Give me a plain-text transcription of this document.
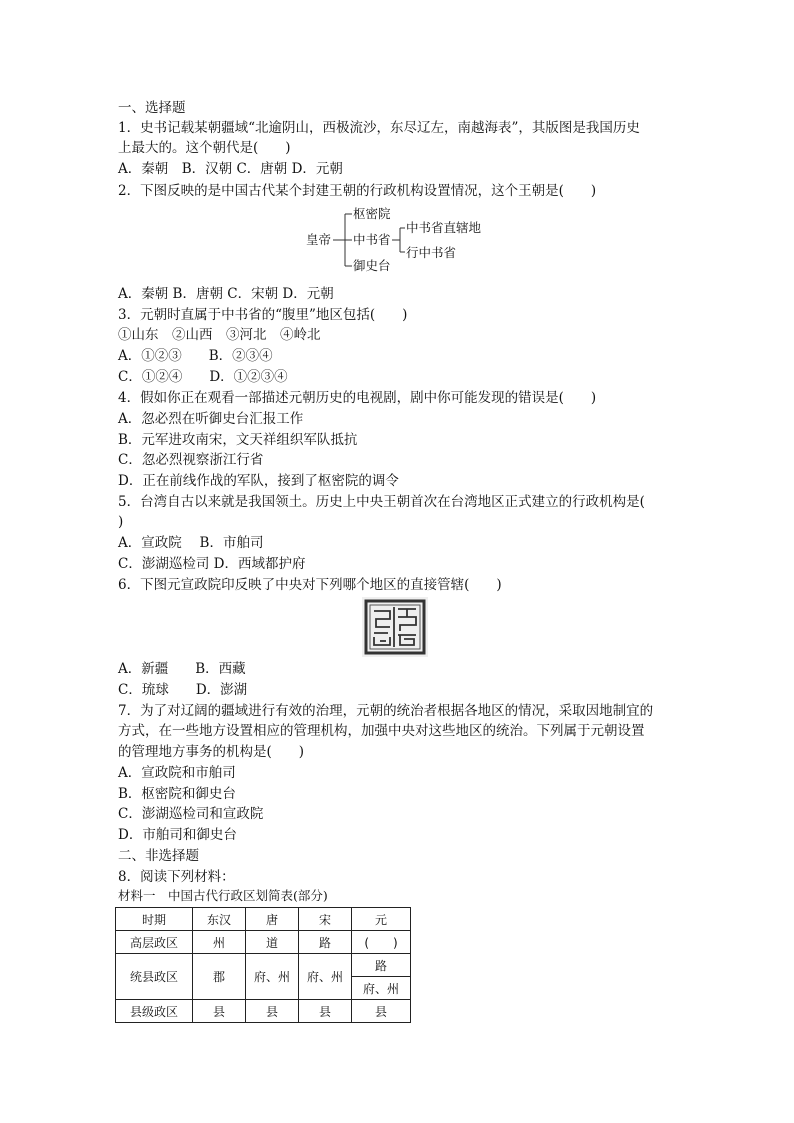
一、选择题
1．史书记载某朝疆域“北逾阴山，西极流沙，东尽辽左，南越海表”，其版图是我国历史
上最大的。这个朝代是(　　)
A．秦朝　B．汉朝 C．唐朝 D．元朝
2．下图反映的是中国古代某个封建王朝的行政机构设置情况，这个王朝是(　　)
皇帝
枢密院
中书省
御史台
中书省直辖地
行中书省
A．秦朝 B．唐朝 C．宋朝 D．元朝
3．元朝时直属于中书省的“腹里”地区包括(　　)
①山东　②山西　③河北　④岭北
A．①②③　　B．②③④
C．①②④　　D．①②③④
4．假如你正在观看一部描述元朝历史的电视剧，剧中你可能发现的错误是(　　)
A．忽必烈在听御史台汇报工作
B．元军进攻南宋，文天祥组织军队抵抗
C．忽必烈视察浙江行省
D．正在前线作战的军队，接到了枢密院的调令
5．台湾自古以来就是我国领土。历史上中央王朝首次在台湾地区正式建立的行政机构是(
)
A．宣政院　 B．市舶司
C．澎湖巡检司 D．西域都护府
6．下图元宣政院印反映了中央对下列哪个地区的直接管辖(　　)
A．新疆　　B．西藏
C．琉球　　D．澎湖
7．为了对辽阔的疆域进行有效的治理，元朝的统治者根据各地区的情况，采取因地制宜的
方式，在一些地方设置相应的管理机构，加强中央对这些地区的统治。下列属于元朝设置
的管理地方事务的机构是(　　)
A．宣政院和市舶司
B．枢密院和御史台
C．澎湖巡检司和宣政院
D．市舶司和御史台
二、非选择题
8．阅读下列材料：
材料一　中国古代行政区划简表(部分)
时期	东汉	唐	宋	元
高层政区	州	道	路	(　　)
统县政区	郡	府、州	府、州	路
				府、州
县级政区	县	县	县	县
